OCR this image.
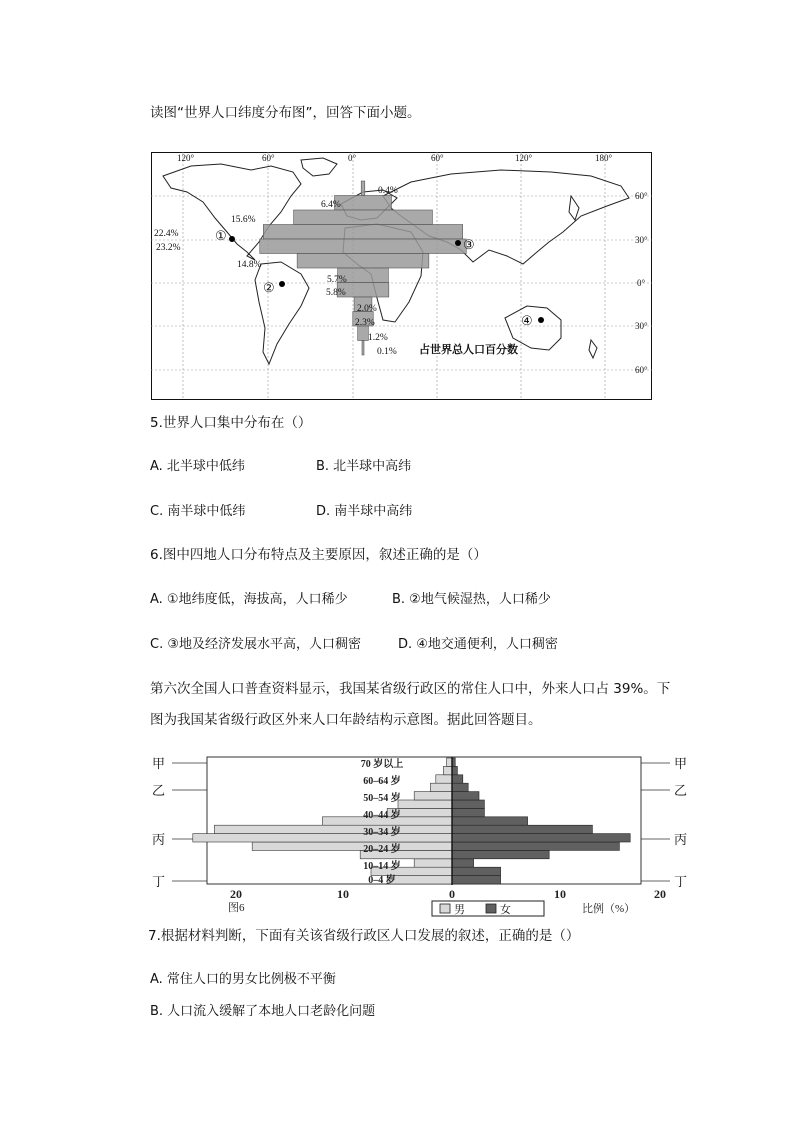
读图“世界人口纬度分布图”，回答下面小题。
120°	60°	0°	60°	120°	180°
60°
30°
0°
30°
60°
0.4%
6.4%
15.6%
22.4%
23.2%
14.8%
5.7%
5.8%
2.0%
2.3%
1.2%
0.1%
①
②
③
④
占世界总人口百分数
5.世界人口集中分布在（）
A. 北半球中低纬	B. 北半球中高纬
C. 南半球中低纬	D. 南半球中高纬
6.图中四地人口分布特点及主要原因，叙述正确的是（）
A. ①地纬度低，海拔高，人口稀少	B. ②地气候湿热，人口稀少
C. ③地及经济发展水平高，人口稠密	D. ④地交通便利，人口稠密
第六次全国人口普查资料显示，我国某省级行政区的常住人口中，外来人口占 39%。下
图为我国某省级行政区外来人口年龄结构示意图。据此回答题目。
甲
乙
丙
丁
甲
乙
丙
丁
70 岁以上
60–64 岁
50–54 岁
40–44 岁
30–34 岁
20–24 岁
10–14 岁
0–4 岁
20	10	0	10	20
图6	男	女	比例（%）
7.根据材料判断，下面有关该省级行政区人口发展的叙述，正确的是（）
A. 常住人口的男女比例极不平衡
B. 人口流入缓解了本地人口老龄化问题
